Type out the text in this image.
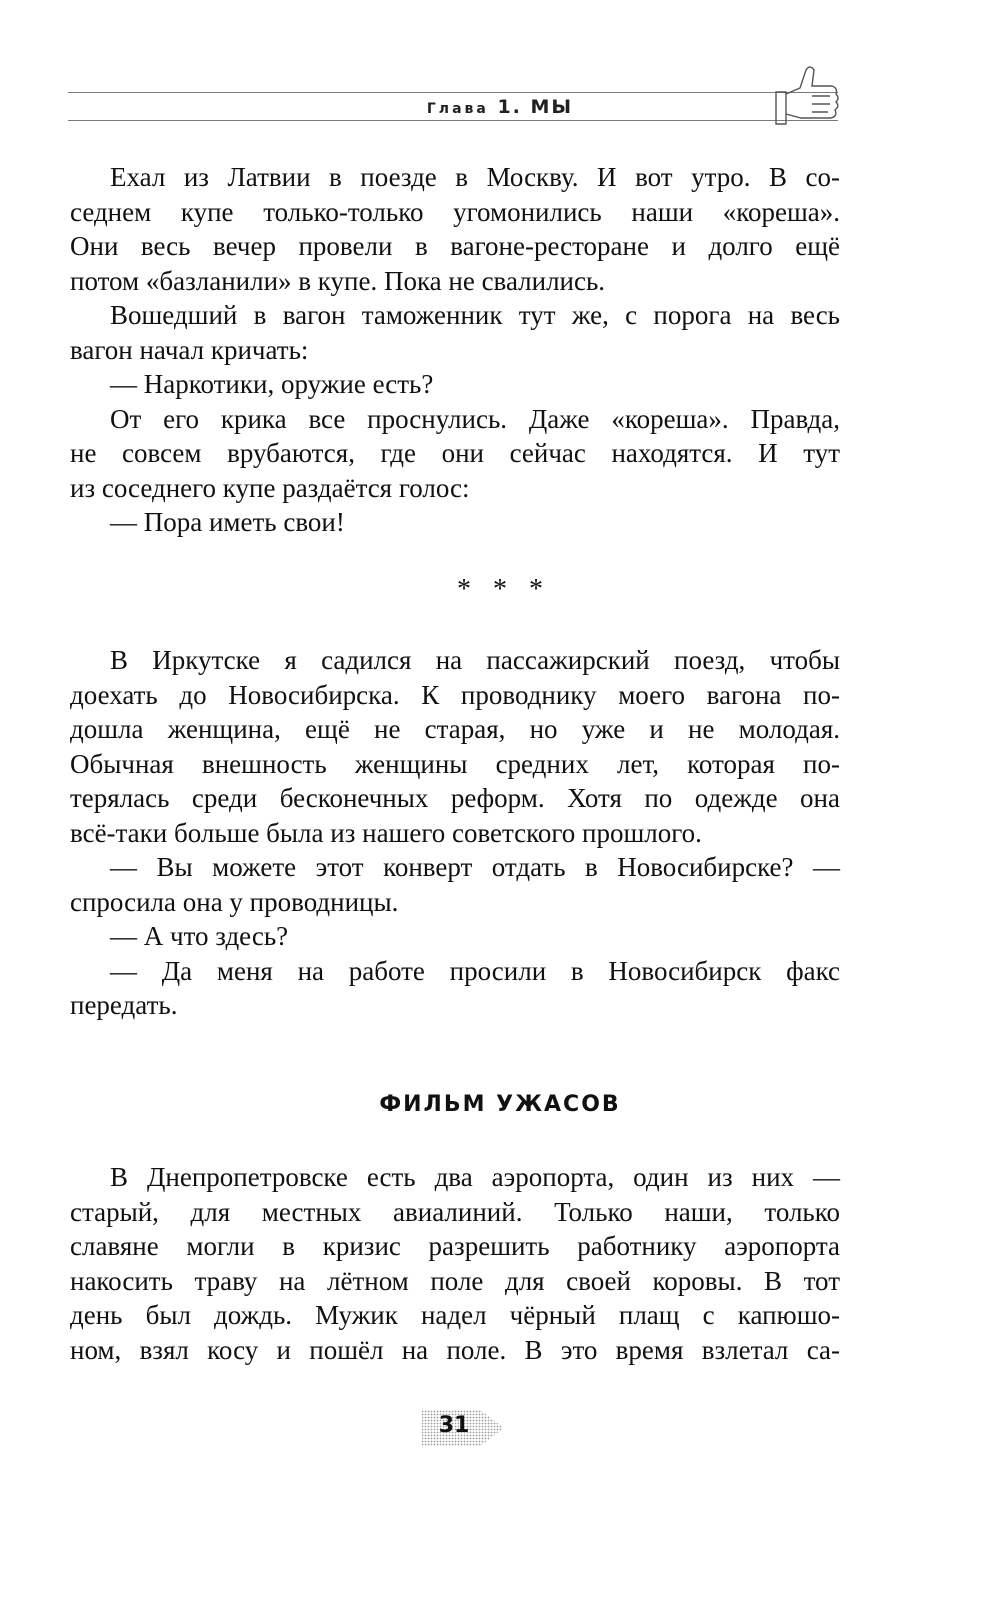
Глава 1. МЫ
Ехал из Латвии в поезде в Москву. И вот утро. В со-
седнем купе только-только угомонились наши «кореша».
Они весь вечер провели в вагоне-ресторане и долго ещё
потом «базланили» в купе. Пока не свалились.
Вошедший в вагон таможенник тут же, с порога на весь
вагон начал кричать:
— Наркотики, оружие есть?
От его крика все проснулись. Даже «кореша». Правда,
не совсем врубаются, где они сейчас находятся. И тут
из соседнего купе раздаётся голос:
— Пора иметь свои!
***
В Иркутске я садился на пассажирский поезд, чтобы
доехать до Новосибирска. К проводнику моего вагона по-
дошла женщина, ещё не старая, но уже и не молодая.
Обычная внешность женщины средних лет, которая по-
терялась среди бесконечных реформ. Хотя по одежде она
всё-таки больше была из нашего советского прошлого.
— Вы можете этот конверт отдать в Новосибирске? —
спросила она у проводницы.
— А что здесь?
— Да меня на работе просили в Новосибирск факс
передать.
ФИЛЬМ УЖАСОВ
В Днепропетровске есть два аэропорта, один из них —
старый, для местных авиалиний. Только наши, только
славяне могли в кризис разрешить работнику аэропорта
накосить траву на лётном поле для своей коровы. В тот
день был дождь. Мужик надел чёрный плащ с капюшо-
ном, взял косу и пошёл на поле. В это время взлетал са-
31
